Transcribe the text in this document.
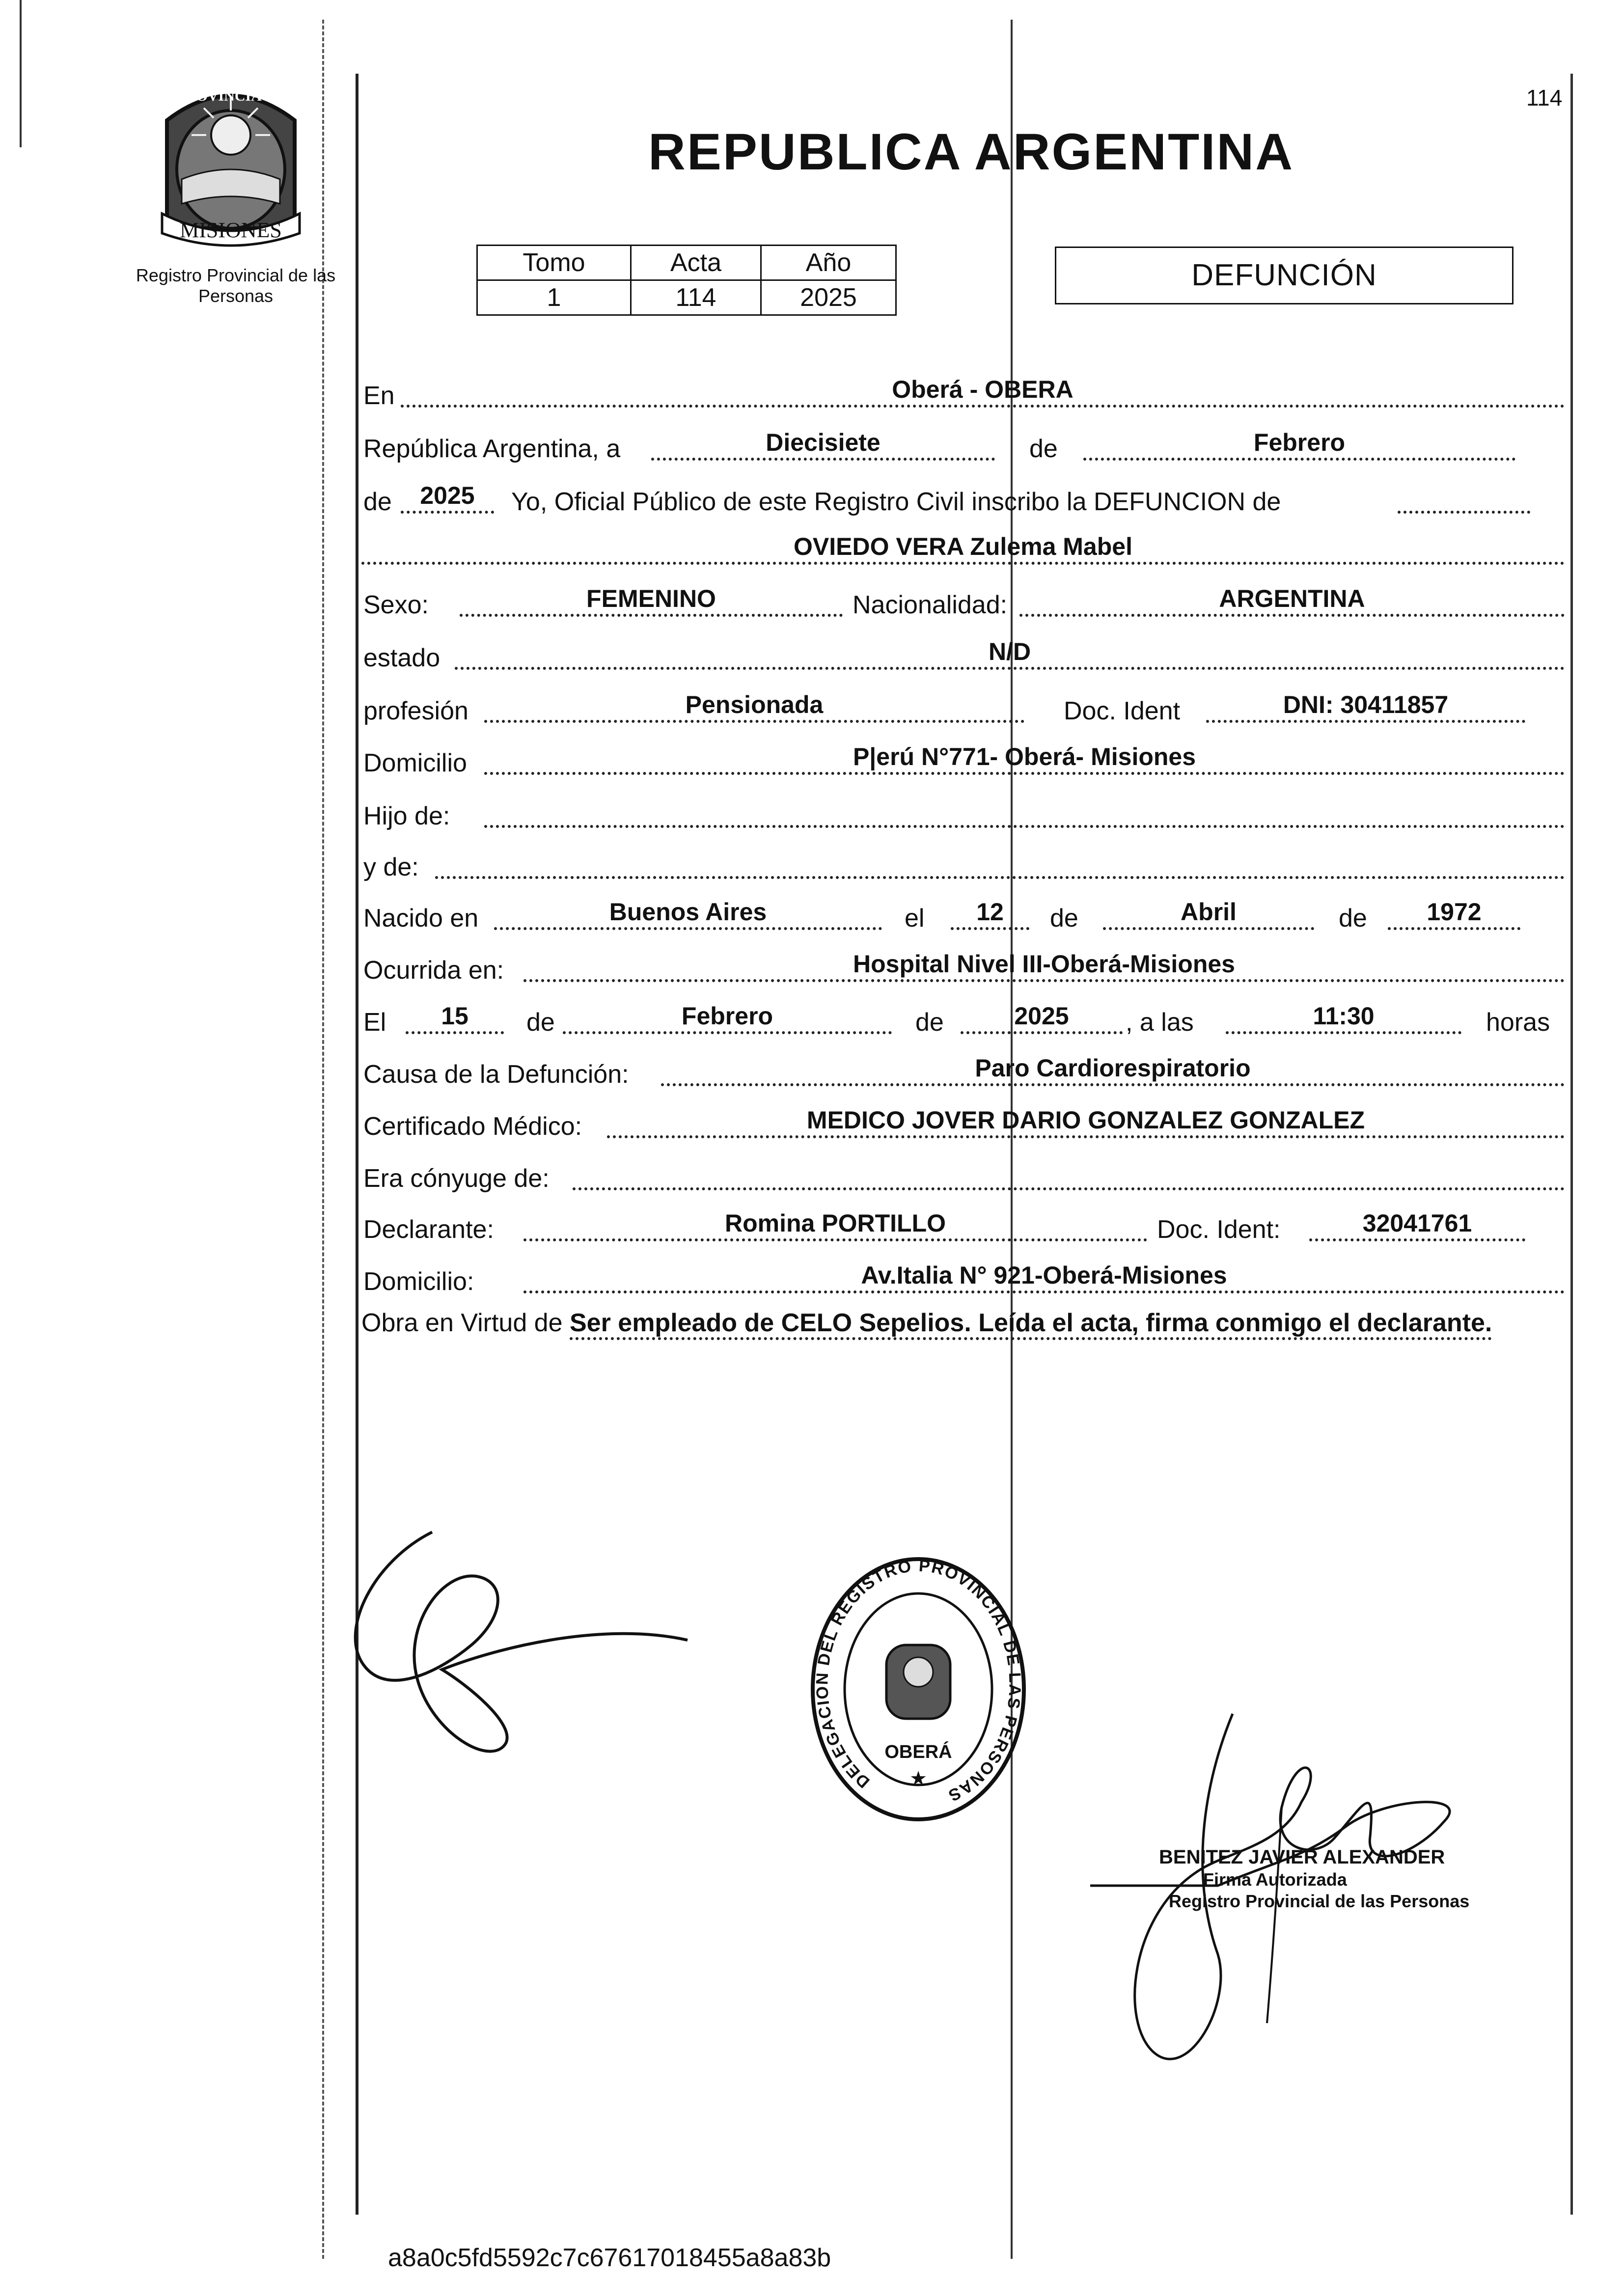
PROVINCIA DE
MISIONES
Registro Provincial de las Personas
114
REPUBLICA ARGENTINA
Tomo	Acta	Año
1	114	2025
DEFUNCIÓN
En	Oberá - OBERA
República Argentina, a	Diecisiete	de	Febrero
de	2025	Yo, Oficial Público de este Registro Civil inscribo la DEFUNCION de
OVIEDO VERA Zulema Mabel
Sexo:	FEMENINO	Nacionalidad:	ARGENTINA
estado	N/D
profesión	Pensionada	Doc. Ident	DNI: 30411857
Domicilio	P|erú N°771- Oberá- Misiones
Hijo de:
y de:
Nacido en	Buenos Aires	el	12	de	Abril	de	1972
Ocurrida en:	Hospital Nivel III-Oberá-Misiones
El	15	de	Febrero	de	2025	, a las	11:30	horas
Causa de la Defunción:	Paro Cardiorespiratorio
Certificado Médico:	MEDICO JOVER DARIO GONZALEZ GONZALEZ
Era cónyuge de:
Declarante:	Romina PORTILLO	Doc. Ident:	32041761
Domicilio:	Av.Italia N° 921-Oberá-Misiones
Obra en Virtud de Ser empleado de CELO Sepelios. Leída el acta, firma conmigo el declarante.
DELEGACION DEL REGISTRO PROVINCIAL DE LAS PERSONAS
OBERÁ
★
BENITEZ JAVIER ALEXANDER
Firma Autorizada
Registro Provincial de las Personas
a8a0c5fd5592c7c67617018455a8a83b
